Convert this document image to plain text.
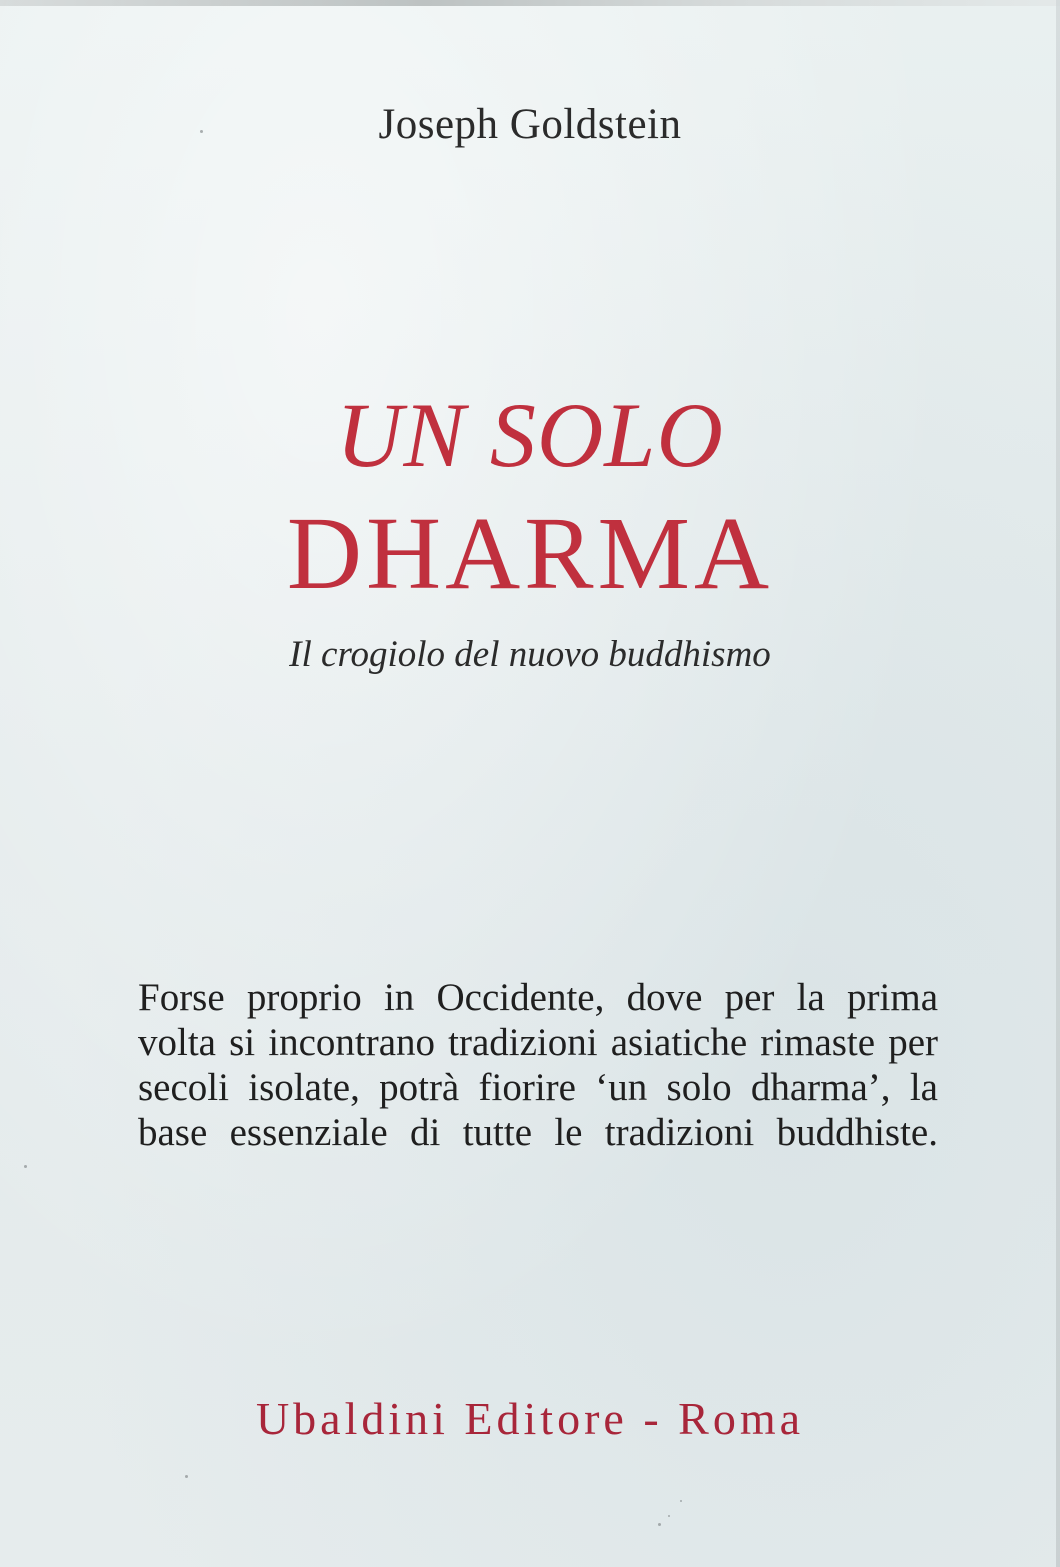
Joseph Goldstein
UN SOLO
DHARMA
Il crogiolo del nuovo buddhismo
Forse proprio in Occidente, dove per la prima
volta si incontrano tradizioni asiatiche rimaste per
secoli isolate, potrà fiorire ‘un solo dharma’, la
base essenziale di tutte le tradizioni buddhiste.
Ubaldini Editore - Roma
